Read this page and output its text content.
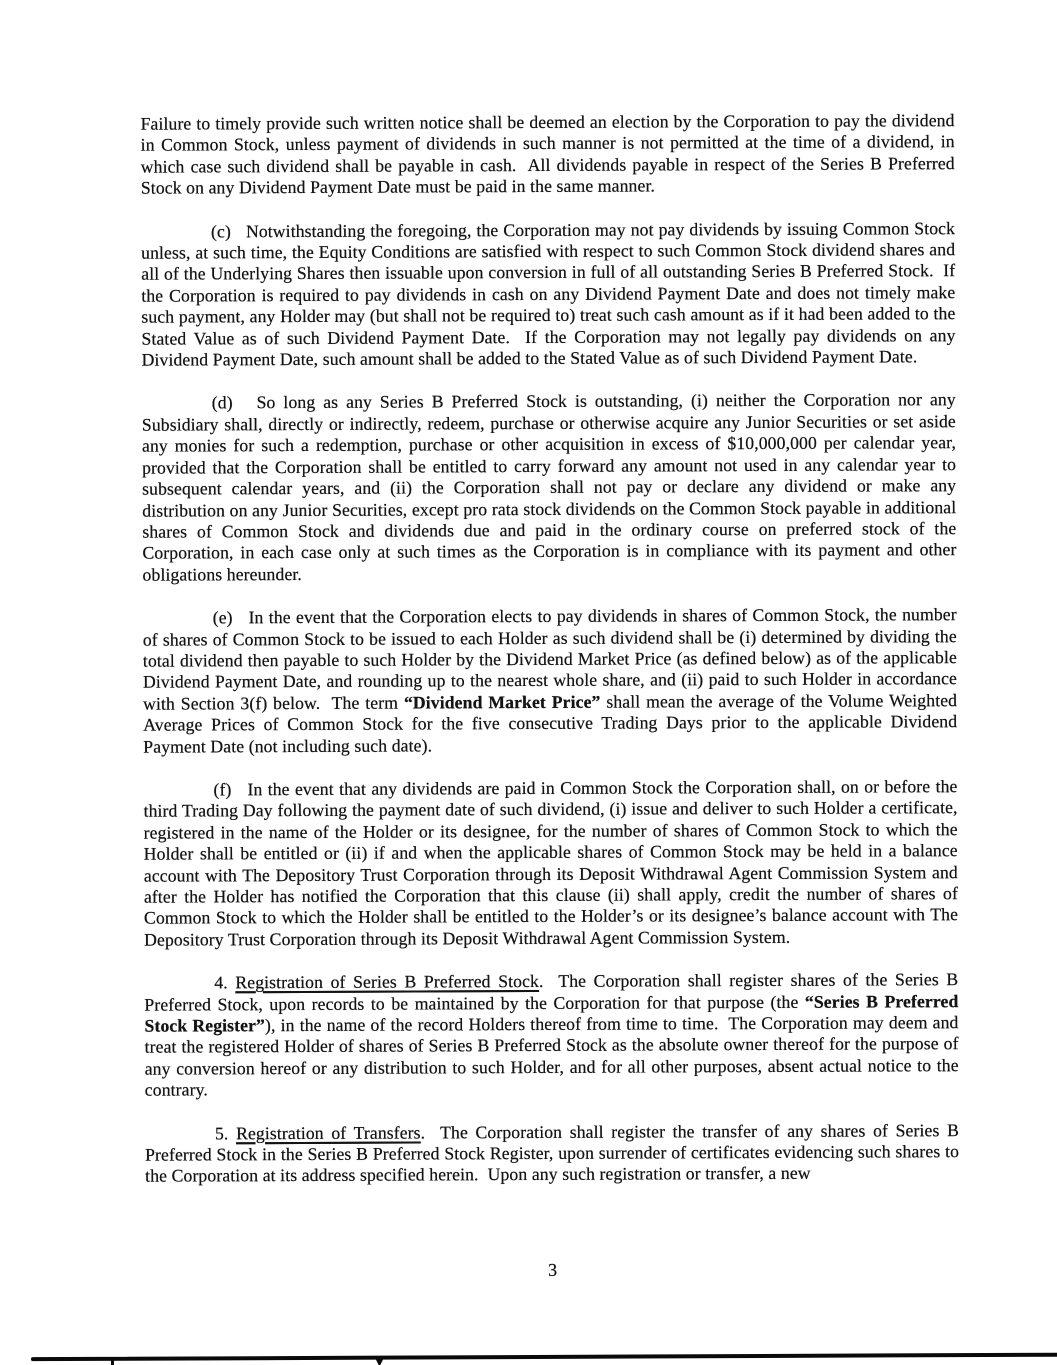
Failure to timely provide such written notice shall be deemed an election by the Corporation to pay the dividend in Common Stock, unless payment of dividends in such manner is not permitted at the time of a dividend, in which case such dividend shall be payable in cash.  All dividends payable in respect of the Series B Preferred Stock on any Dividend Payment Date must be paid in the same manner.

(c)   Notwithstanding the foregoing, the Corporation may not pay dividends by issuing Common Stock unless, at such time, the Equity Conditions are satisfied with respect to such Common Stock dividend shares and all of the Underlying Shares then issuable upon conversion in full of all outstanding Series B Preferred Stock.  If the Corporation is required to pay dividends in cash on any Dividend Payment Date and does not timely make such payment, any Holder may (but shall not be required to) treat such cash amount as if it had been added to the Stated Value as of such Dividend Payment Date.  If the Corporation may not legally pay dividends on any Dividend Payment Date, such amount shall be added to the Stated Value as of such Dividend Payment Date.

(d)   So long as any Series B Preferred Stock is outstanding, (i) neither the Corporation nor any Subsidiary shall, directly or indirectly, redeem, purchase or otherwise acquire any Junior Securities or set aside any monies for such a redemption, purchase or other acquisition in excess of $10,000,000 per calendar year, provided that the Corporation shall be entitled to carry forward any amount not used in any calendar year to subsequent calendar years, and (ii) the Corporation shall not pay or declare any dividend or make any distribution on any Junior Securities, except pro rata stock dividends on the Common Stock payable in additional shares of Common Stock and dividends due and paid in the ordinary course on preferred stock of the Corporation, in each case only at such times as the Corporation is in compliance with its payment and other obligations hereunder.

(e)   In the event that the Corporation elects to pay dividends in shares of Common Stock, the number of shares of Common Stock to be issued to each Holder as such dividend shall be (i) determined by dividing the total dividend then payable to such Holder by the Dividend Market Price (as defined below) as of the applicable Dividend Payment Date, and rounding up to the nearest whole share, and (ii) paid to such Holder in accordance with Section 3(f) below.  The term “Dividend Market Price” shall mean the average of the Volume Weighted Average Prices of Common Stock for the five consecutive Trading Days prior to the applicable Dividend Payment Date (not including such date).

(f)   In the event that any dividends are paid in Common Stock the Corporation shall, on or before the third Trading Day following the payment date of such dividend, (i) issue and deliver to such Holder a certificate, registered in the name of the Holder or its designee, for the number of shares of Common Stock to which the Holder shall be entitled or (ii) if and when the applicable shares of Common Stock may be held in a balance account with The Depository Trust Corporation through its Deposit Withdrawal Agent Commission System and after the Holder has notified the Corporation that this clause (ii) shall apply, credit the number of shares of Common Stock to which the Holder shall be entitled to the Holder’s or its designee’s balance account with The Depository Trust Corporation through its Deposit Withdrawal Agent Commission System.

4. Registration of Series B Preferred Stock.  The Corporation shall register shares of the Series B Preferred Stock, upon records to be maintained by the Corporation for that purpose (the “Series B Preferred Stock Register”), in the name of the record Holders thereof from time to time.  The Corporation may deem and treat the registered Holder of shares of Series B Preferred Stock as the absolute owner thereof for the purpose of any conversion hereof or any distribution to such Holder, and for all other purposes, absent actual notice to the contrary.

5. Registration of Transfers.  The Corporation shall register the transfer of any shares of Series B Preferred Stock in the Series B Preferred Stock Register, upon surrender of certificates evidencing such shares to the Corporation at its address specified herein.  Upon any such registration or transfer, a new

3
